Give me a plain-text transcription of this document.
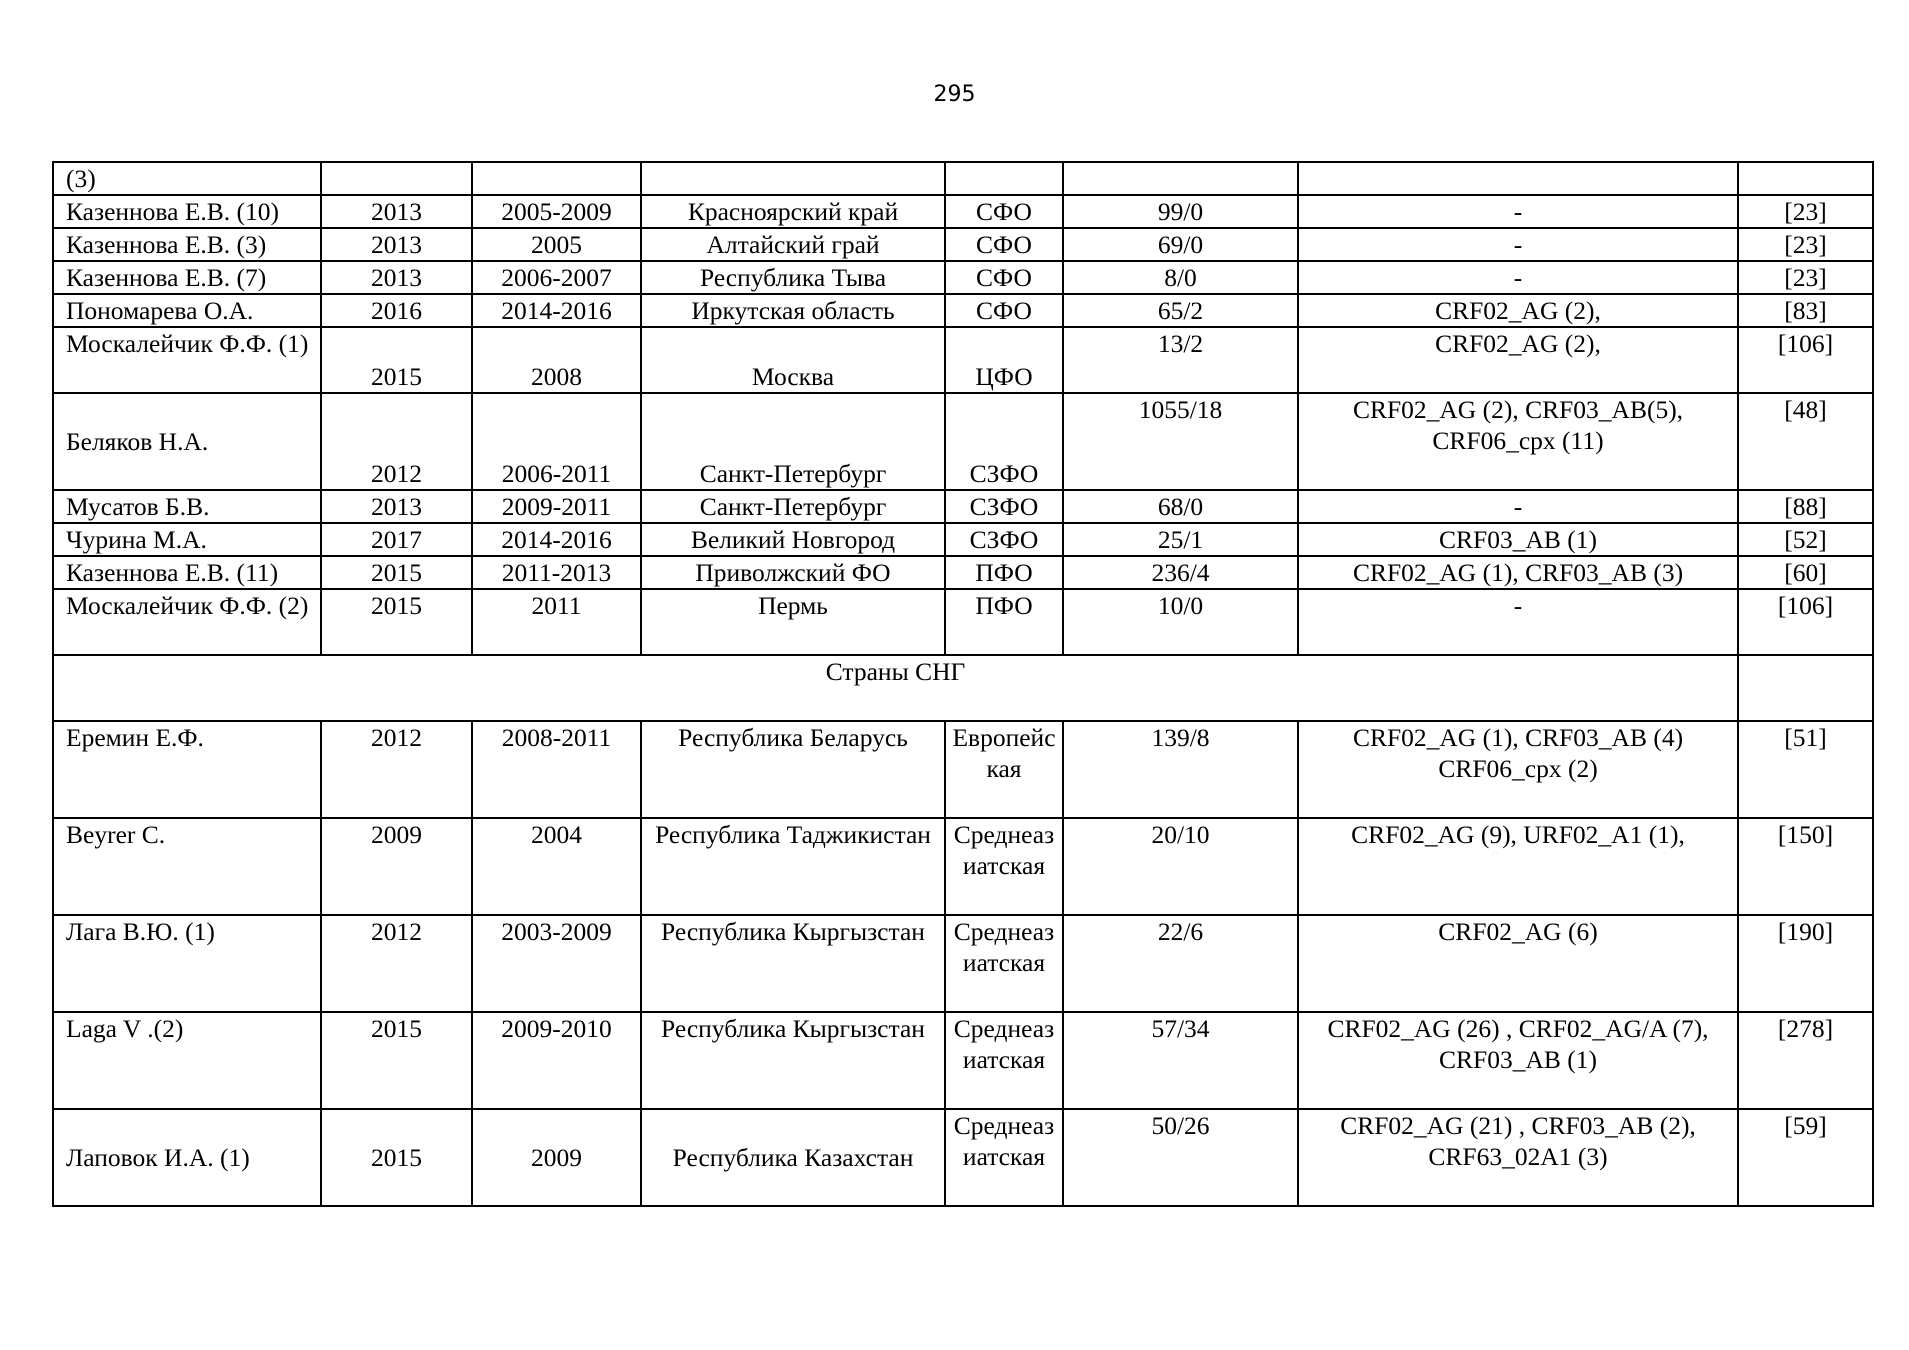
295
(3)							
Казеннова Е.В. (10)	2013	2005-2009	Красноярский край	СФО	99/0	-	[23]
Казеннова Е.В. (3)	2013	2005	Алтайский грай	СФО	69/0	-	[23]
Казеннова Е.В. (7)	2013	2006-2007	Республика Тыва	СФО	8/0	-	[23]
Пономарева О.А.	2016	2014-2016	Иркутская область	СФО	65/2	CRF02_AG (2),	[83]
Москалейчик Ф.Ф. (1)	2015	2008	Москва	ЦФО	13/2	CRF02_AG (2),	[106]
Беляков Н.А.	2012	2006-2011	Санкт-Петербург	СЗФО	1055/18	CRF02_AG (2), CRF03_AB(5), CRF06_cpx (11)	[48]
Мусатов Б.В.	2013	2009-2011	Санкт-Петербург	СЗФО	68/0	-	[88]
Чурина М.А.	2017	2014-2016	Великий Новгород	СЗФО	25/1	CRF03_AB (1)	[52]
Казеннова Е.В. (11)	2015	2011-2013	Приволжский ФО	ПФО	236/4	CRF02_AG (1), CRF03_AB (3)	[60]
Москалейчик Ф.Ф. (2)	2015	2011	Пермь	ПФО	10/0	-	[106]
Страны СНГ							
Еремин Е.Ф.	2012	2008-2011	Республика Беларусь	Европейская	139/8	CRF02_AG (1), CRF03_AB (4) CRF06_cpx (2)	[51]
Beyrer C.	2009	2004	Республика Таджикистан	Среднеазиатская	20/10	CRF02_AG (9), URF02_A1 (1),	[150]
Лага В.Ю. (1)	2012	2003-2009	Республика Кыргызстан	Среднеазиатская	22/6	CRF02_AG (6)	[190]
Laga V .(2)	2015	2009-2010	Республика Кыргызстан	Среднеазиатская	57/34	CRF02_AG (26) , CRF02_AG/A (7), CRF03_AB (1)	[278]
Лаповок И.А. (1)	2015	2009	Республика Казахстан	Среднеазиатская	50/26	CRF02_AG (21) , CRF03_AB (2), CRF63_02A1 (3)	[59]
